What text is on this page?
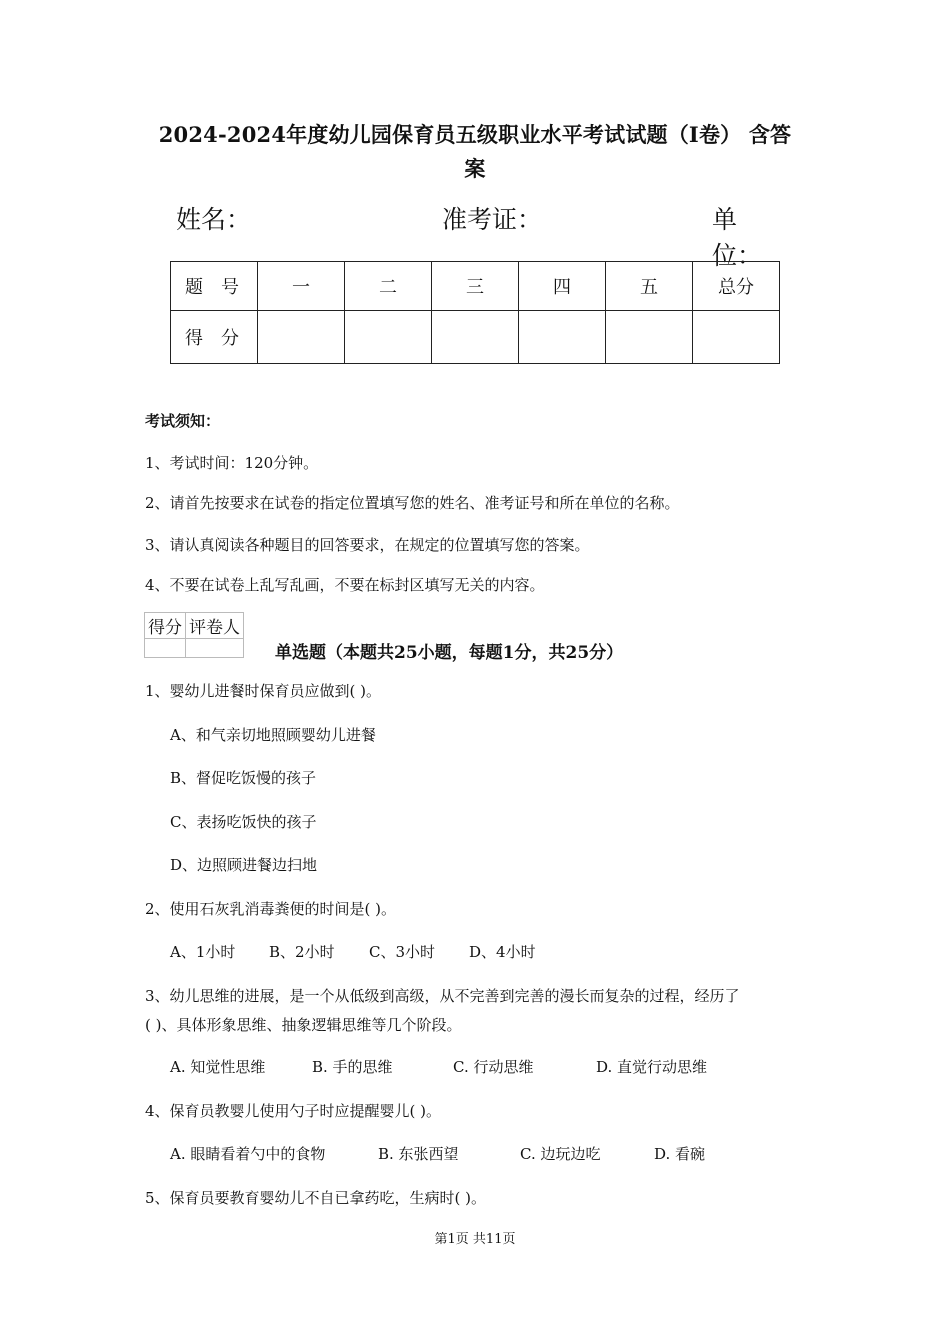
2024-2024年度幼儿园保育员五级职业水平考试试题（I卷） 含答
案
姓名：	准考证：	单位：
题号	一	二	三	四	五	总分
得分						
考试须知：
1、考试时间：120分钟。
2、请首先按要求在试卷的指定位置填写您的姓名、准考证号和所在单位的名称。
3、请认真阅读各种题目的回答要求，在规定的位置填写您的答案。
4、不要在试卷上乱写乱画，不要在标封区填写无关的内容。
得分	评卷人

单选题（本题共25小题，每题1分，共25分）
1、婴幼儿进餐时保育员应做到( )。
A、和气亲切地照顾婴幼儿进餐
B、督促吃饭慢的孩子
C、表扬吃饭快的孩子
D、边照顾进餐边扫地
2、使用石灰乳消毒粪便的时间是( )。
A、1小时 B、2小时 C、3小时 D、4小时
3、幼儿思维的进展，是一个从低级到高级，从不完善到完善的漫长而复杂的过程，经历了
( )、具体形象思维、抽象逻辑思维等几个阶段。
A. 知觉性思维	B. 手的思维	C. 行动思维	D. 直觉行动思维
4、保育员教婴儿使用勺子时应提醒婴儿( )。
A. 眼睛看着勺中的食物	B. 东张西望	C. 边玩边吃	D. 看碗
5、保育员要教育婴幼儿不自已拿药吃，生病时( )。
第1页 共11页
